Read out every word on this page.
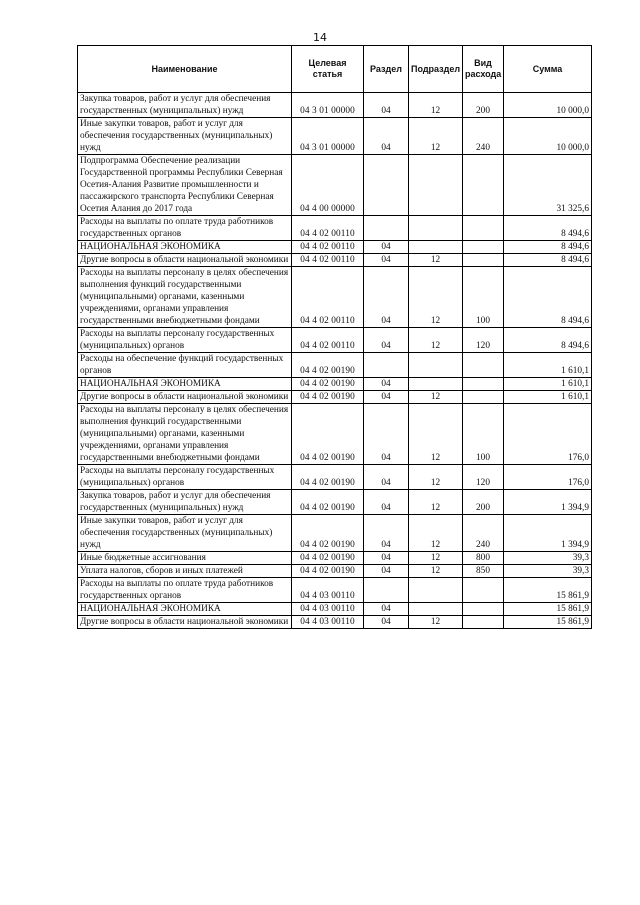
14
Наименование	Целевая статья	Раздел	Подраздел	Вид расхода	Сумма
Закупка товаров, работ и услуг для обеспечения государственных (муниципальных) нужд	04 3 01 00000	04	12	200	10 000,0
Иные закупки товаров, работ и услуг для обеспечения государственных (муниципальных) нужд	04 3 01 00000	04	12	240	10 000,0
Подпрограмма Обеспечение реализации Государственной программы Республики Северная Осетия-Алания Развитие промышленности и пассажирского транспорта Республики Северная Осетия Алания до 2017 года	04 4 00 00000				31 325,6
Расходы на выплаты по оплате труда работников государственных органов	04 4 02 00110				8 494,6
НАЦИОНАЛЬНАЯ ЭКОНОМИКА	04 4 02 00110	04			8 494,6
Другие вопросы в области национальной экономики	04 4 02 00110	04	12		8 494,6
Расходы на выплаты персоналу в целях обеспечения выполнения функций государственными (муниципальными) органами, казенными учреждениями, органами управления государственными внебюджетными фондами	04 4 02 00110	04	12	100	8 494,6
Расходы на выплаты персоналу государственных (муниципальных) органов	04 4 02 00110	04	12	120	8 494,6
Расходы на обеспечение функций государственных органов	04 4 02 00190				1 610,1
НАЦИОНАЛЬНАЯ ЭКОНОМИКА	04 4 02 00190	04			1 610,1
Другие вопросы в области национальной экономики	04 4 02 00190	04	12		1 610,1
Расходы на выплаты персоналу в целях обеспечения выполнения функций государственными (муниципальными) органами, казенными учреждениями, органами управления государственными внебюджетными фондами	04 4 02 00190	04	12	100	176,0
Расходы на выплаты персоналу государственных (муниципальных) органов	04 4 02 00190	04	12	120	176,0
Закупка товаров, работ и услуг для обеспечения государственных (муниципальных) нужд	04 4 02 00190	04	12	200	1 394,9
Иные закупки товаров, работ и услуг для обеспечения государственных (муниципальных) нужд	04 4 02 00190	04	12	240	1 394,9
Иные бюджетные ассигнования	04 4 02 00190	04	12	800	39,3
Уплата налогов, сборов и иных платежей	04 4 02 00190	04	12	850	39,3
Расходы на выплаты по оплате труда работников государственных органов	04 4 03 00110				15 861,9
НАЦИОНАЛЬНАЯ ЭКОНОМИКА	04 4 03 00110	04			15 861,9
Другие вопросы в области национальной экономики	04 4 03 00110	04	12		15 861,9
